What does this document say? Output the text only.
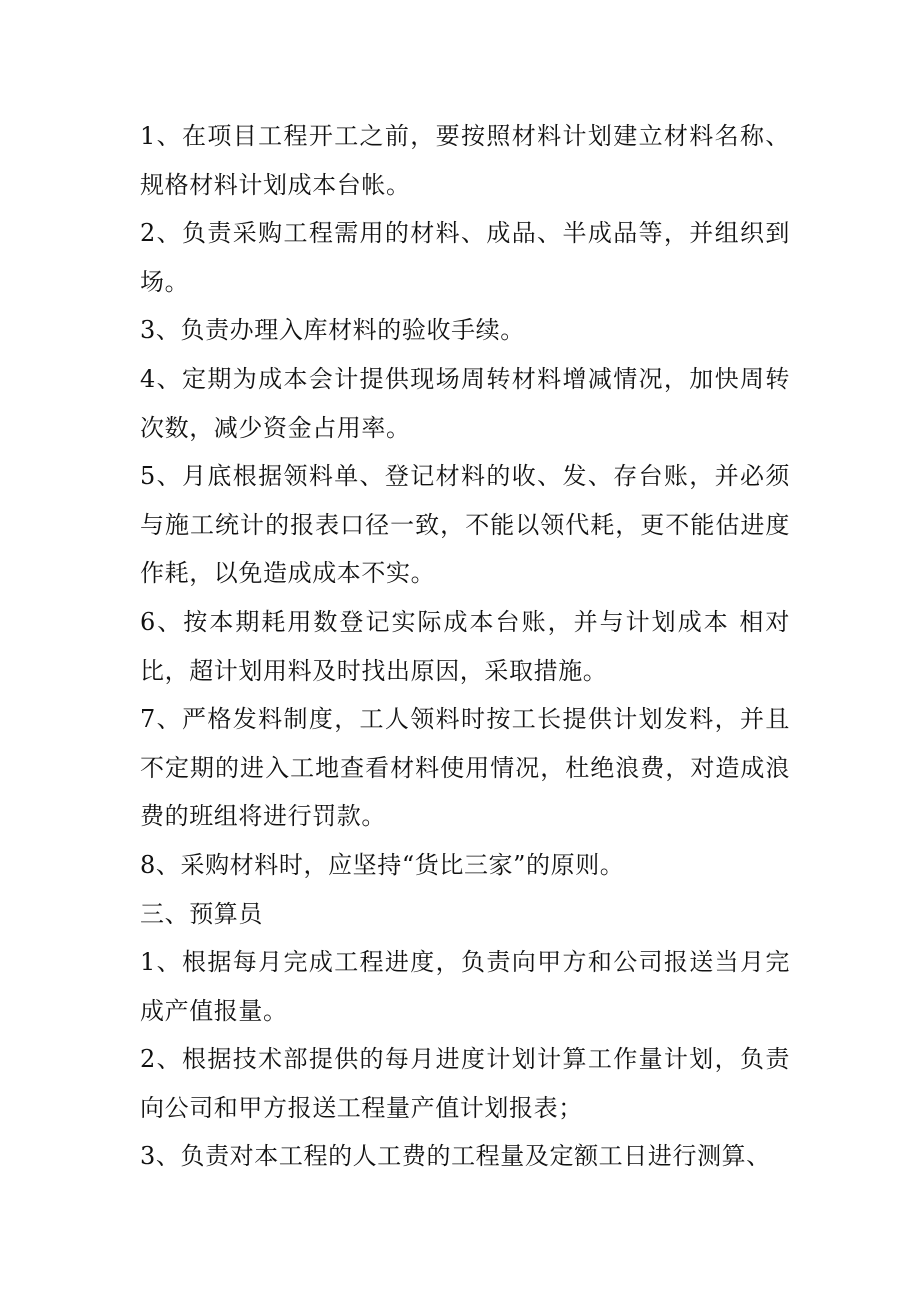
1、在项目工程开工之前，要按照材料计划建立材料名称、规格材料计划成本台帐。

2、负责采购工程需用的材料、成品、半成品等，并组织到场。

3、负责办理入库材料的验收手续。

4、定期为成本会计提供现场周转材料增减情况，加快周转次数，减少资金占用率。

5、月底根据领料单、登记材料的收、发、存台账，并必须与施工统计的报表口径一致，不能以领代耗，更不能估进度作耗，以免造成成本不实。

6、按本期耗用数登记实际成本台账，并与计划成本 相对比，超计划用料及时找出原因，采取措施。

7、严格发料制度，工人领料时按工长提供计划发料，并且不定期的进入工地查看材料使用情况，杜绝浪费，对造成浪费的班组将进行罚款。

8、采购材料时，应坚持“货比三家”的原则。

三、预算员

1、根据每月完成工程进度，负责向甲方和公司报送当月完成产值报量。

2、根据技术部提供的每月进度计划计算工作量计划，负责向公司和甲方报送工程量产值计划报表；

3、负责对本工程的人工费的工程量及定额工日进行测算、
